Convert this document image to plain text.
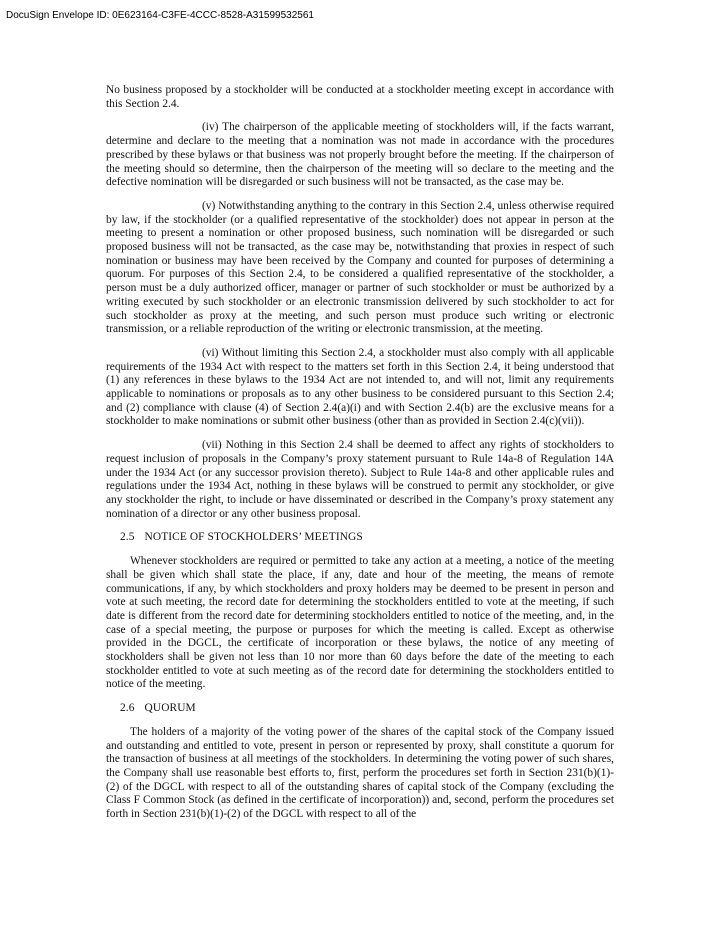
DocuSign Envelope ID: 0E623164-C3FE-4CCC-8528-A31599532561

No business proposed by a stockholder will be conducted at a stockholder meeting except in accordance with this Section 2.4.

(iv) The chairperson of the applicable meeting of stockholders will, if the facts warrant, determine and declare to the meeting that a nomination was not made in accordance with the procedures prescribed by these bylaws or that business was not properly brought before the meeting. If the chairperson of the meeting should so determine, then the chairperson of the meeting will so declare to the meeting and the defective nomination will be disregarded or such business will not be transacted, as the case may be.

(v) Notwithstanding anything to the contrary in this Section 2.4, unless otherwise required by law, if the stockholder (or a qualified representative of the stockholder) does not appear in person at the meeting to present a nomination or other proposed business, such nomination will be disregarded or such proposed business will not be transacted, as the case may be, notwithstanding that proxies in respect of such nomination or business may have been received by the Company and counted for purposes of determining a quorum. For purposes of this Section 2.4, to be considered a qualified representative of the stockholder, a person must be a duly authorized officer, manager or partner of such stockholder or must be authorized by a writing executed by such stockholder or an electronic transmission delivered by such stockholder to act for such stockholder as proxy at the meeting, and such person must produce such writing or electronic transmission, or a reliable reproduction of the writing or electronic transmission, at the meeting.

(vi) Without limiting this Section 2.4, a stockholder must also comply with all applicable requirements of the 1934 Act with respect to the matters set forth in this Section 2.4, it being understood that (1) any references in these bylaws to the 1934 Act are not intended to, and will not, limit any requirements applicable to nominations or proposals as to any other business to be considered pursuant to this Section 2.4; and (2) compliance with clause (4) of Section 2.4(a)(i) and with Section 2.4(b) are the exclusive means for a stockholder to make nominations or submit other business (other than as provided in Section 2.4(c)(vii)).

(vii) Nothing in this Section 2.4 shall be deemed to affect any rights of stockholders to request inclusion of proposals in the Company’s proxy statement pursuant to Rule 14a-8 of Regulation 14A under the 1934 Act (or any successor provision thereto). Subject to Rule 14a-8 and other applicable rules and regulations under the 1934 Act, nothing in these bylaws will be construed to permit any stockholder, or give any stockholder the right, to include or have disseminated or described in the Company’s proxy statement any nomination of a director or any other business proposal.

2.5 NOTICE OF STOCKHOLDERS’ MEETINGS

Whenever stockholders are required or permitted to take any action at a meeting, a notice of the meeting shall be given which shall state the place, if any, date and hour of the meeting, the means of remote communications, if any, by which stockholders and proxy holders may be deemed to be present in person and vote at such meeting, the record date for determining the stockholders entitled to vote at the meeting, if such date is different from the record date for determining stockholders entitled to notice of the meeting, and, in the case of a special meeting, the purpose or purposes for which the meeting is called. Except as otherwise provided in the DGCL, the certificate of incorporation or these bylaws, the notice of any meeting of stockholders shall be given not less than 10 nor more than 60 days before the date of the meeting to each stockholder entitled to vote at such meeting as of the record date for determining the stockholders entitled to notice of the meeting.

2.6 QUORUM

The holders of a majority of the voting power of the shares of the capital stock of the Company issued and outstanding and entitled to vote, present in person or represented by proxy, shall constitute a quorum for the transaction of business at all meetings of the stockholders. In determining the voting power of such shares, the Company shall use reasonable best efforts to, first, perform the procedures set forth in Section 231(b)(1)-(2) of the DGCL with respect to all of the outstanding shares of capital stock of the Company (excluding the Class F Common Stock (as defined in the certificate of incorporation)) and, second, perform the procedures set forth in Section 231(b)(1)-(2) of the DGCL with respect to all of the
